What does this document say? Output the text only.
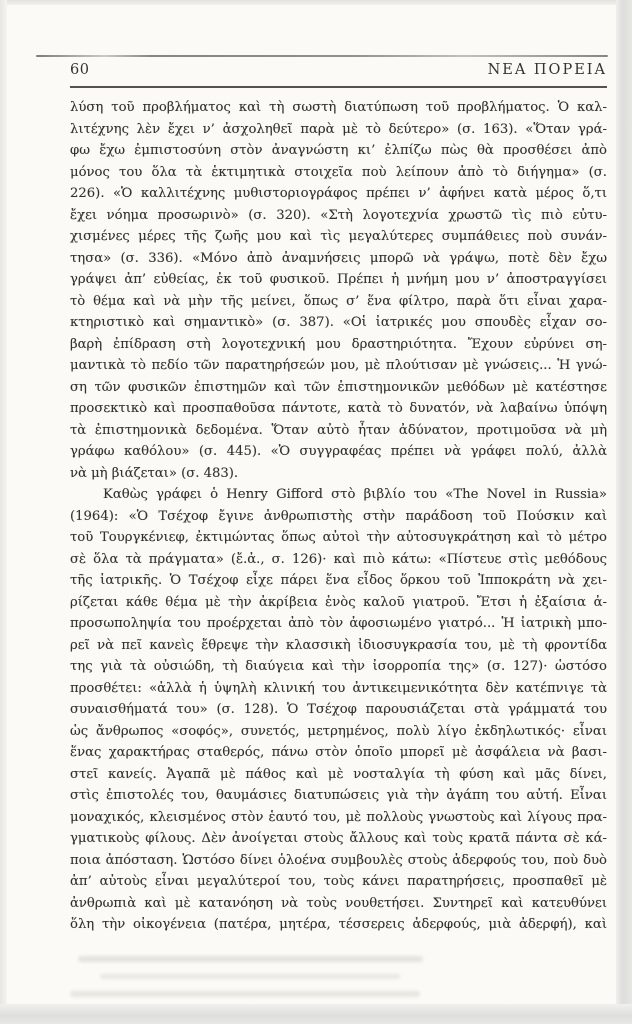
60	ΝΕΑ ΠΟΡΕΙΑ
λύση τοῦ προβλήματος καὶ τὴ σωστὴ διατύπωση τοῦ προβλήματος. Ὁ καλ-
λιτέχνης λὲν ἔχει ν’ ἀσχοληθεῖ παρὰ μὲ τὸ δεύτερο» (σ. 163). «Ὅταν γρά-
φω ἔχω ἐμπιστοσύνη στὸν ἀναγνώστη κι’ ἐλπίζω πὼς θὰ προσθέσει ἀπὸ
μόνος του ὅλα τὰ ἑκτιμητικὰ στοιχεῖα ποὺ λείπουν ἀπὸ τὸ διήγημα» (σ.
226). «Ὁ καλλιτέχνης μυθιστοριογράφος πρέπει ν’ ἀφήνει κατὰ μέρος ὅ,τι
ἔχει νόημα προσωρινὸ» (σ. 320). «Στὴ λογοτεχνία χρωστῶ τὶς πιὸ εὐτυ-
χισμένες μέρες τῆς ζωῆς μου καὶ τὶς μεγαλύτερες συμπάθειες ποὺ συνάν-
τησα» (σ. 336). «Μόνο ἀπὸ ἀναμνήσεις μπορῶ νὰ γράψω, ποτὲ δὲν ἔχω
γράψει ἀπ’ εὐθείας, ἐκ τοῦ φυσικοῦ. Πρέπει ἡ μνήμη μου ν’ ἀποστραγγίσει
τὸ θέμα καὶ νὰ μὴν τῆς μείνει, ὅπως σ’ ἕνα φίλτρο, παρὰ ὅτι εἶναι χαρα-
κτηριστικὸ καὶ σημαντικὸ» (σ. 387). «Οἱ ἰατρικές μου σπουδὲς εἶχαν σο-
βαρὴ ἐπίδραση στὴ λογοτεχνική μου δραστηριότητα. Ἔχουν εὐρύνει ση-
μαντικὰ τὸ πεδίο τῶν παρατηρήσεών μου, μὲ πλούτισαν μὲ γνώσεις... Ἡ γνώ-
ση τῶν φυσικῶν ἐπιστημῶν καὶ τῶν ἐπιστημονικῶν μεθόδων μὲ κατέστησε
προσεκτικὸ καὶ προσπαθοῦσα πάντοτε, κατὰ τὸ δυνατόν, νὰ λαβαίνω ὑπόψη
τὰ ἐπιστημονικὰ δεδομένα. Ὅταν αὐτὸ ἦταν ἀδύνατον, προτιμοῦσα νὰ μὴ
γράφω καθόλου» (σ. 445). «Ὁ συγγραφέας πρέπει νὰ γράφει πολύ, ἀλλὰ
νὰ μὴ βιάζεται» (σ. 483).
Καθὼς γράφει ὁ Henry Gifford στὸ βιβλίο του «The Novel in Russia»
(1964): «Ὁ Τσέχοφ ἔγινε ἀνθρωπιστὴς στὴν παράδοση τοῦ Πούσκιν καὶ
τοῦ Τουργκένιεφ, ἐκτιμώντας ὅπως αὐτοὶ τὴν αὐτοσυγκράτηση καὶ τὸ μέτρο
σὲ ὅλα τὰ πράγματα» (ἔ.ἀ., σ. 126)· καὶ πιὸ κάτω: «Πίστευε στὶς μεθόδους
τῆς ἰατρικῆς. Ὁ Τσέχοφ εἶχε πάρει ἕνα εἶδος ὅρκου τοῦ Ἱπποκράτη νὰ χει-
ρίζεται κάθε θέμα μὲ τὴν ἀκρίβεια ἑνὸς καλοῦ γιατροῦ. Ἔτσι ἡ ἐξαίσια ἀ-
προσωποληψία του προέρχεται ἀπὸ τὸν ἀφοσιωμένο γιατρό... Ἡ ἰατρικὴ μπο-
ρεῖ νὰ πεῖ κανεὶς ἔθρεψε τὴν κλασσικὴ ἰδιοσυγκρασία του, μὲ τὴ φροντίδα
της γιὰ τὰ οὐσιώδη, τὴ διαύγεια καὶ τὴν ἰσορροπία της» (σ. 127)· ὡστόσο
προσθέτει: «ἀλλὰ ἡ ὑψηλὴ κλινική του ἀντικειμενικότητα δὲν κατέπνιγε τὰ
συναισθήματά του» (σ. 128). Ὁ Τσέχοφ παρουσιάζεται στὰ γράμματά του
ὡς ἄνθρωπος «σοφός», συνετός, μετρημένος, πολὺ λίγο ἐκδηλωτικός· εἶναι
ἕνας χαρακτήρας σταθερός, πάνω στὸν ὁποῖο μπορεῖ μὲ ἀσφάλεια νὰ βασι-
στεῖ κανείς. Ἀγαπᾶ μὲ πάθος καὶ μὲ νοσταλγία τὴ φύση καὶ μᾶς δίνει,
στὶς ἐπιστολές του, θαυμάσιες διατυπώσεις γιὰ τὴν ἀγάπη του αὐτή. Εἶναι
μοναχικός, κλεισμένος στὸν ἑαυτό του, μὲ πολλοὺς γνωστοὺς καὶ λίγους πρα-
γματικοὺς φίλους. Δὲν ἀνοίγεται στοὺς ἄλλους καὶ τοὺς κρατᾶ πάντα σὲ κά-
ποια ἀπόσταση. Ὡστόσο δίνει ὁλοένα συμβουλὲς στοὺς ἀδερφούς του, ποὺ δυὸ
ἀπ’ αὐτοὺς εἶναι μεγαλύτεροί του, τοὺς κάνει παρατηρήσεις, προσπαθεῖ μὲ
ἀνθρωπιὰ καὶ μὲ κατανόηση νὰ τοὺς νουθετήσει. Συντηρεῖ καὶ κατευθύνει
ὅλη τὴν οἰκογένεια (πατέρα, μητέρα, τέσσερεις ἀδερφούς, μιὰ ἀδερφή), καὶ
